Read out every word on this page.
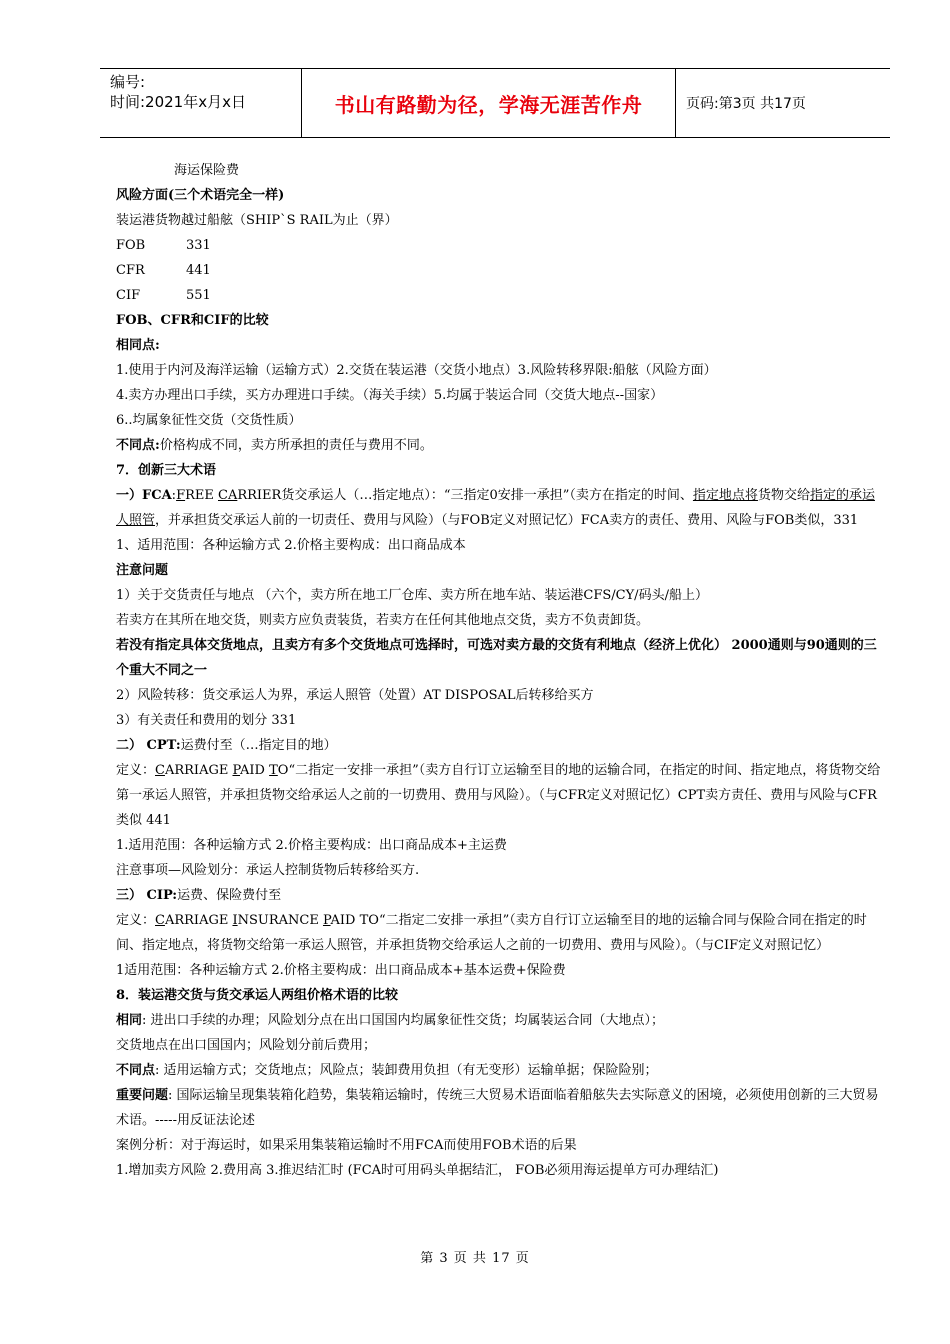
编号:
时间:2021年x月x日	书山有路勤为径，学海无涯苦作舟	页码:第3页 共17页
海运保险费
风险方面(三个术语完全一样)
装运港货物越过船舷（SHIP`S RAIL为止（界）
FOB	331
CFR	441
CIF	551
FOB、CFR和CIF的比较
相同点:
1.使用于内河及海洋运输（运输方式）2.交货在装运港（交货小地点）3.风险转移界限:船舷（风险方面）
4.卖方办理出口手续，买方办理进口手续。（海关手续）5.均属于装运合同（交货大地点--国家）
6..均属象征性交货（交货性质）
不同点:价格构成不同，卖方所承担的责任与费用不同。
7．创新三大术语
一）FCA:FREE CARRIER货交承运人（…指定地点）：“三指定0安排一承担”（卖方在指定的时间、指定地点将货物交给指定的承运人照管，并承担货交承运人前的一切责任、费用与风险）（与FOB定义对照记忆）FCA卖方的责任、费用、风险与FOB类似，331
1、适用范围：各种运输方式 2.价格主要构成：出口商品成本
注意问题
1）关于交货责任与地点 （六个，卖方所在地工厂仓库、卖方所在地车站、装运港CFS/CY/码头/船上）
若卖方在其所在地交货，则卖方应负责装货，若卖方在任何其他地点交货，卖方不负责卸货。
若没有指定具体交货地点，且卖方有多个交货地点可选择时，可选对卖方最的交货有利地点（经济上优化） 2000通则与90通则的三个重大不同之一
2）风险转移：货交承运人为界，承运人照管（处置）AT DISPOSAL后转移给买方
3）有关责任和费用的划分 331
二） CPT:运费付至（…指定目的地）
定义：CARRIAGE PAID TO“二指定一安排一承担”（卖方自行订立运输至目的地的运输合同，在指定的时间、指定地点，将货物交给第一承运人照管，并承担货物交给承运人之前的一切费用、费用与风险）。（与CFR定义对照记忆）CPT卖方责任、费用与风险与CFR类似 441
1.适用范围：各种运输方式 2.价格主要构成：出口商品成本+主运费
注意事项—风险划分：承运人控制货物后转移给买方.
三） CIP:运费、保险费付至
定义：CARRIAGE INSURANCE PAID TO“二指定二安排一承担”（卖方自行订立运输至目的地的运输合同与保险合同在指定的时间、指定地点，将货物交给第一承运人照管，并承担货物交给承运人之前的一切费用、费用与风险）。（与CIF定义对照记忆）
1适用范围：各种运输方式 2.价格主要构成：出口商品成本+基本运费+保险费
8．装运港交货与货交承运人两组价格术语的比较
相同: 进出口手续的办理；风险划分点在出口国国内均属象征性交货；均属装运合同（大地点）；
交货地点在出口国国内；风险划分前后费用；
不同点: 适用运输方式；交货地点；风险点；装卸费用负担（有无变形）运输单据；保险险别；
重要问题: 国际运输呈现集装箱化趋势，集装箱运输时，传统三大贸易术语面临着船舷失去实际意义的困境，必须使用创新的三大贸易术语。-----用反证法论述
案例分析：对于海运时，如果采用集装箱运输时不用FCA而使用FOB术语的后果
1.增加卖方风险 2.费用高 3.推迟结汇时 (FCA时可用码头单据结汇， FOB必须用海运提单方可办理结汇)
第 3 页 共 17 页
